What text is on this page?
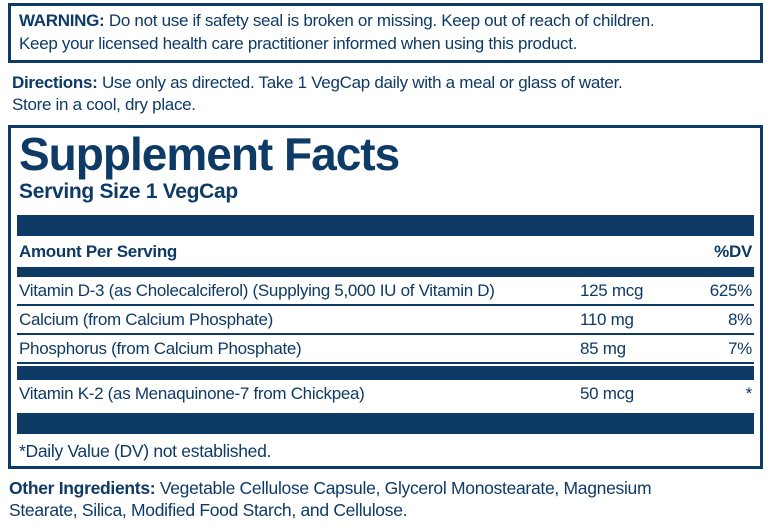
WARNING: Do not use if safety seal is broken or missing. Keep out of reach of children.
Keep your licensed health care practitioner informed when using this product.
Directions: Use only as directed. Take 1 VegCap daily with a meal or glass of water.
Store in a cool, dry place.
Supplement Facts
Serving Size 1 VegCap
Amount Per Serving	%DV
Vitamin D-3 (as Cholecalciferol) (Supplying 5,000 IU of Vitamin D)	125 mcg	625%
Calcium (from Calcium Phosphate)	110 mg	8%
Phosphorus (from Calcium Phosphate)	85 mg	7%
Vitamin K-2 (as Menaquinone-7 from Chickpea)	50 mcg	*
*Daily Value (DV) not established.
Other Ingredients: Vegetable Cellulose Capsule, Glycerol Monostearate, Magnesium
Stearate, Silica, Modified Food Starch, and Cellulose.
